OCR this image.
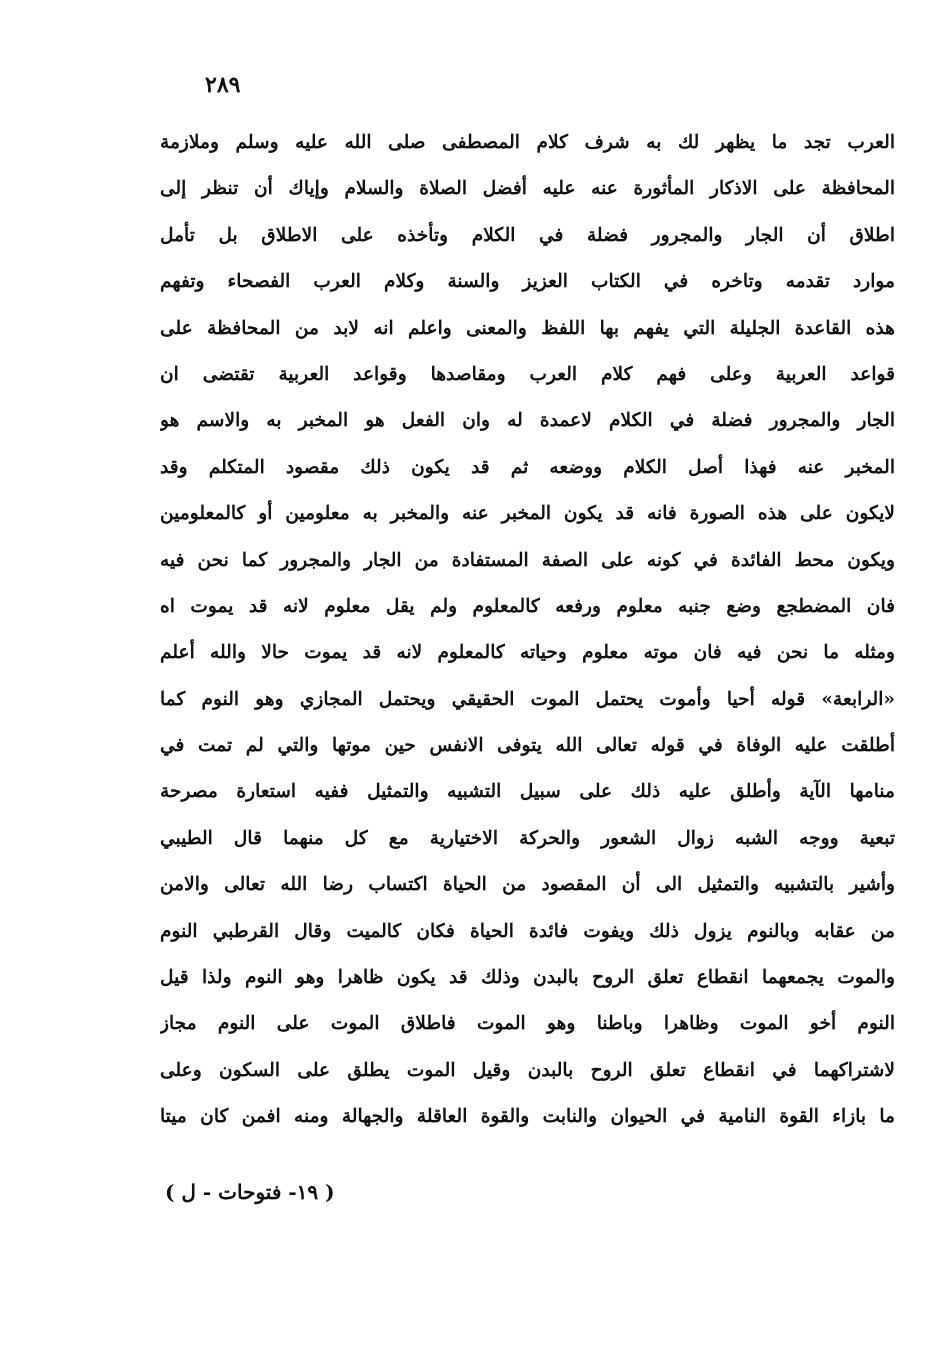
٢٨٩
العرب تجد ما يظهر لك به شرف كلام المصطفى صلى الله عليه وسلم وملازمة
المحافظة على الاذكار المأثورة عنه عليه أفضل الصلاة والسلام وإياك أن تنظر إلى
اطلاق أن الجار والمجرور فضلة في الكلام وتأخذه على الاطلاق بل تأمل
موارد تقدمه وتاخره في الكتاب العزيز والسنة وكلام العرب الفصحاء وتفهم
هذه القاعدة الجليلة التي يفهم بها اللفظ والمعنى واعلم انه لابد من المحافظة على
قواعد العربية وعلى فهم كلام العرب ومقاصدها وقواعد العربية تقتضى ان
الجار والمجرور فضلة في الكلام لاعمدة له وان الفعل هو المخبر به والاسم هو
المخبر عنه فهذا أصل الكلام ووضعه ثم قد يكون ذلك مقصود المتكلم وقد
لايكون على هذه الصورة فانه قد يكون المخبر عنه والمخبر به معلومين أو كالمعلومين
ويكون محط الفائدة في كونه على الصفة المستفادة من الجار والمجرور كما نحن فيه
فان المضطجع وضع جنبه معلوم ورفعه كالمعلوم ولم يقل معلوم لانه قد يموت اه
ومثله ما نحن فيه فان موته معلوم وحياته كالمعلوم لانه قد يموت حالا والله أعلم
«الرابعة» قوله أحيا وأموت يحتمل الموت الحقيقي ويحتمل المجازي وهو النوم كما
أطلقت عليه الوفاة في قوله تعالى الله يتوفى الانفس حين موتها والتي لم تمت في
منامها الآية وأطلق عليه ذلك على سبيل التشبيه والتمثيل ففيه استعارة مصرحة
تبعية ووجه الشبه زوال الشعور والحركة الاختيارية مع كل منهما قال الطيبي
وأشير بالتشبيه والتمثيل الى أن المقصود من الحياة اكتساب رضا الله تعالى والامن
من عقابه وبالنوم يزول ذلك ويفوت فائدة الحياة فكان كالميت وقال القرطبي النوم
والموت يجمعهما انقطاع تعلق الروح بالبدن وذلك قد يكون ظاهرا وهو النوم ولذا قيل
النوم أخو الموت وظاهرا وباطنا وهو الموت فاطلاق الموت على النوم مجاز
لاشتراكهما في انقطاع تعلق الروح بالبدن وقيل الموت يطلق على السكون وعلى
ما بازاء القوة النامية في الحيوان والنابت والقوة العاقلة والجهالة ومنه افمن كان ميتا
( ١٩- فتوحات - ل )
